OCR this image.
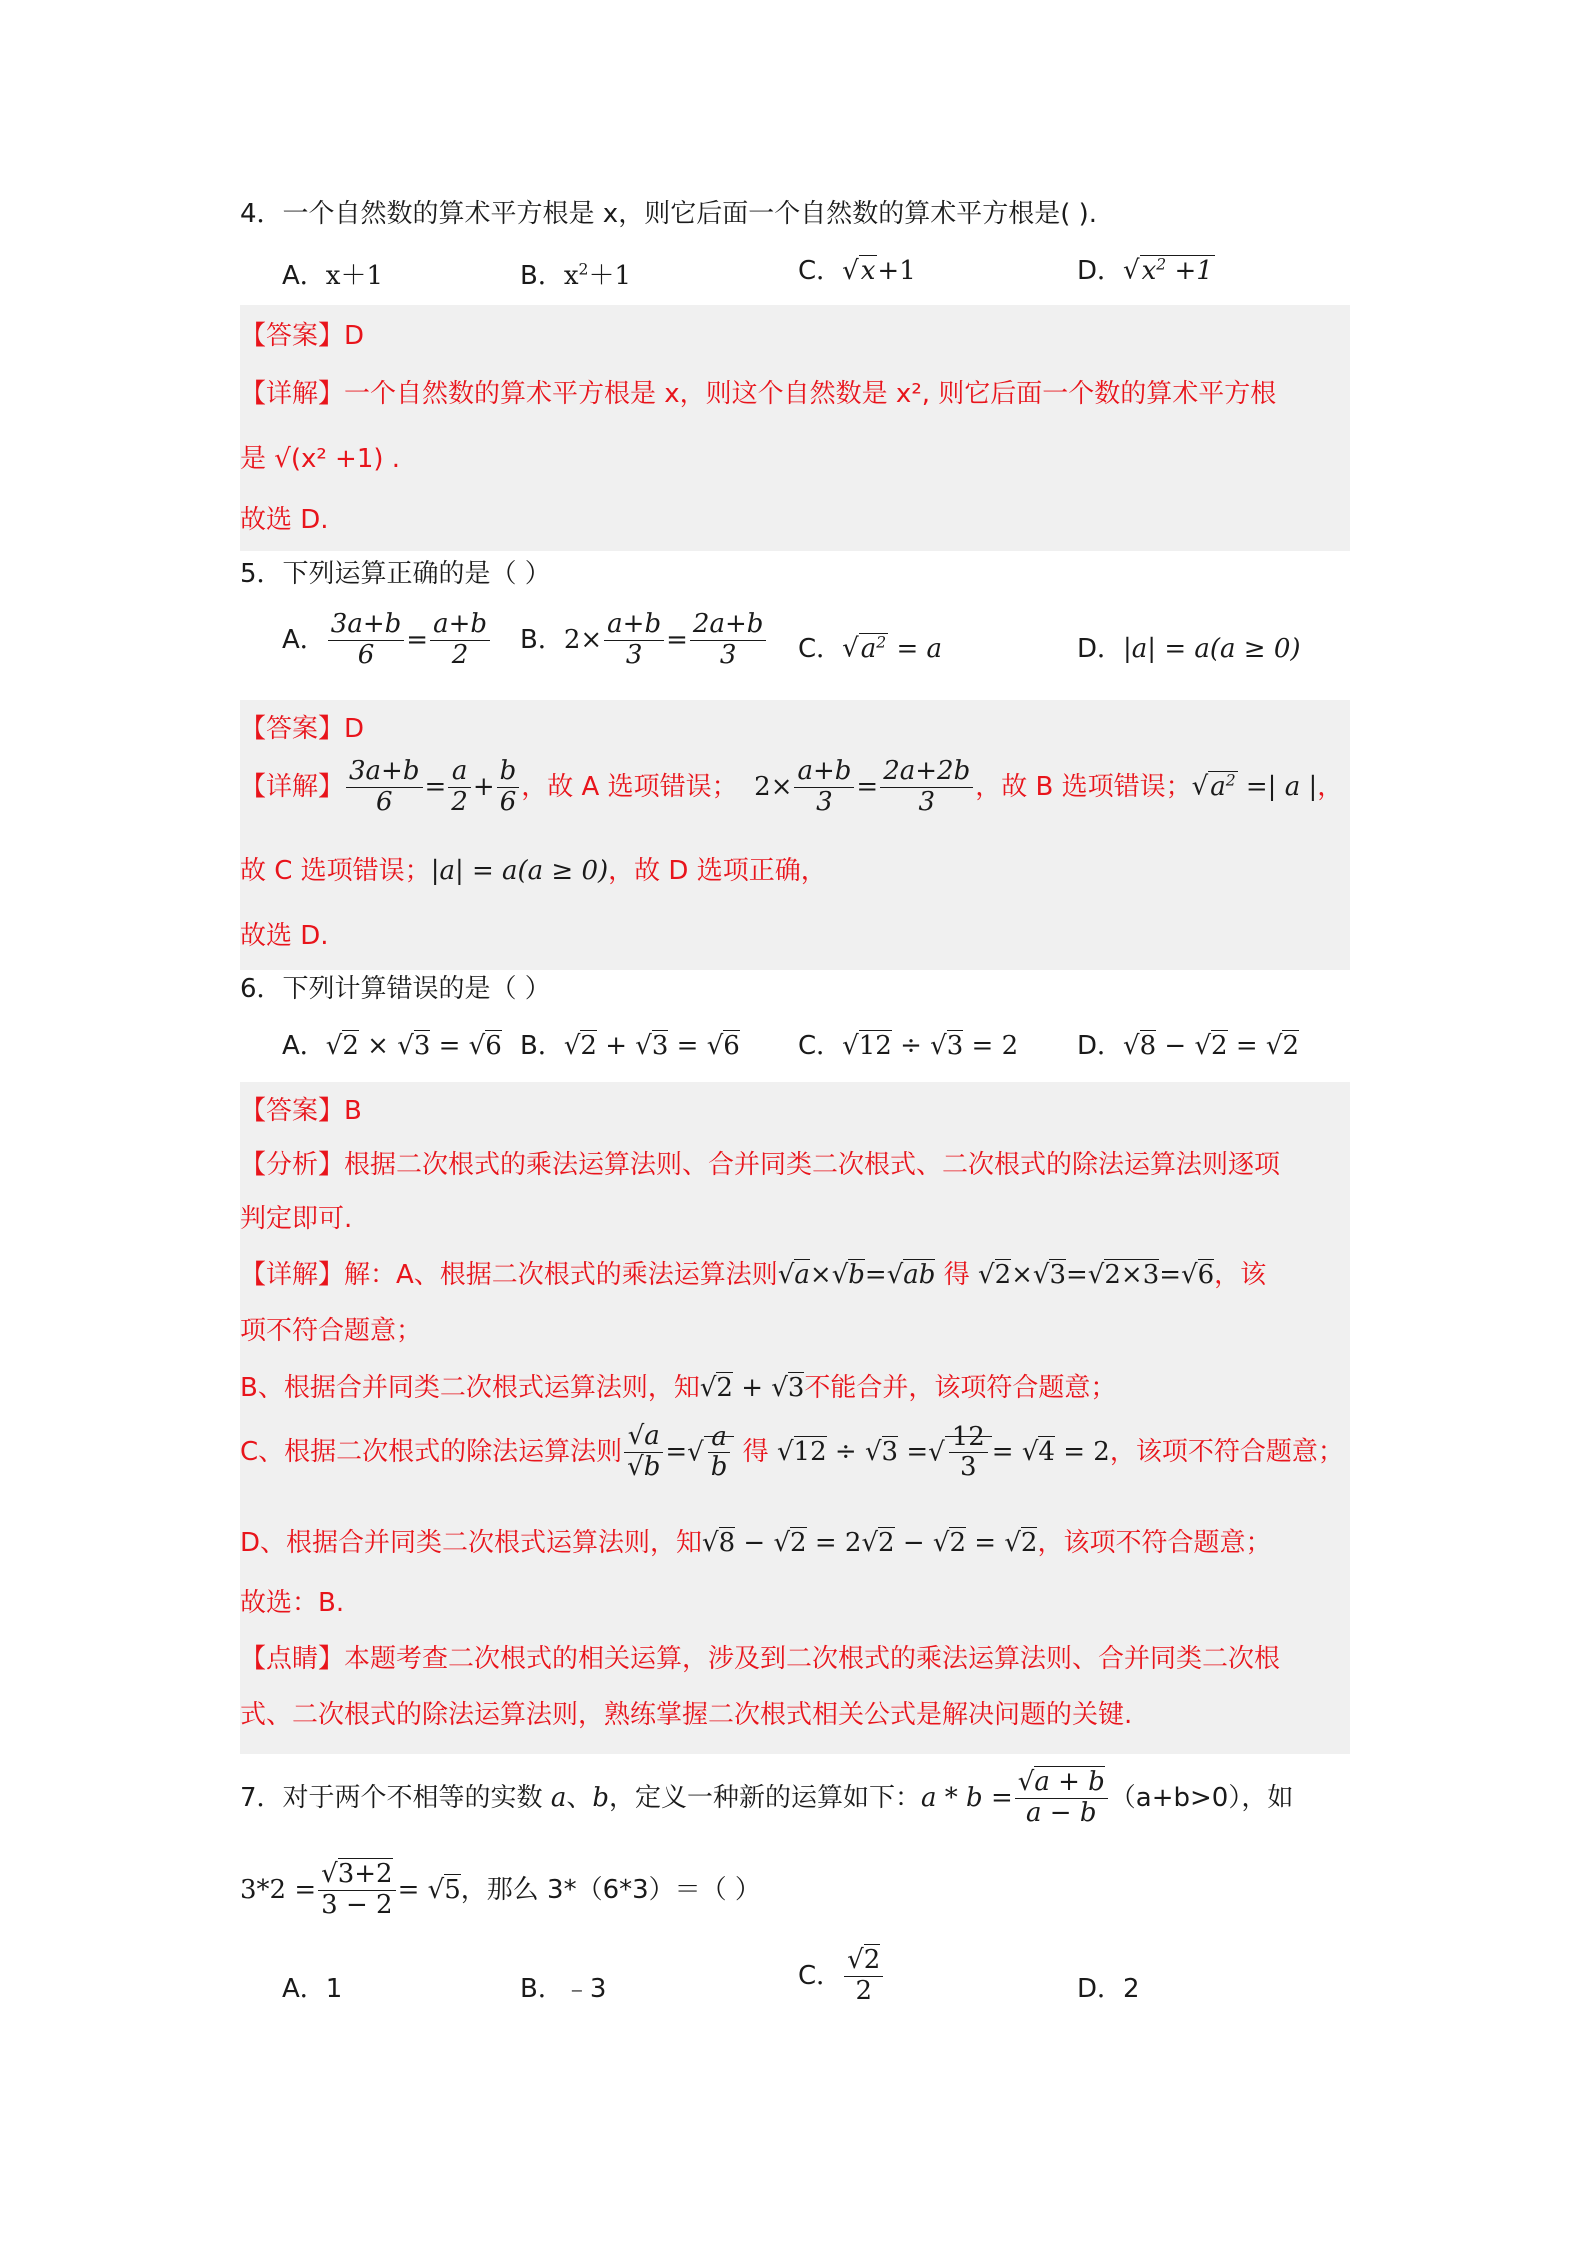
4．一个自然数的算术平方根是 x，则它后面一个自然数的算术平方根是( ).
A．x＋1	B．$x^2+1$	C．√x+1	D．$√x^2 +1$
【答案】D
【详解】一个自然数的算术平方根是 x，则这个自然数是 x², 则它后面一个数的算术平方根
是 √(x² +1) .
故选 D.
5．下列运算正确的是（ ）
A． $\frac{3a+b}{6} = \frac{a+b}{2}$ B．$2\times \frac{a+b}{3} = \frac{2a+b}{3}$ C．$√a^2 = a$	D．|a| = a(a ≥ 0)
【答案】D
【详解】 $\frac{3a+b}{6} = \frac{a}{2} + \frac{b}{6}$ ，故 A 选项错误； $2\times \frac{a+b}{3} = \frac{2a+2b}{3}$ ，故 B 选项错误；$√a^2$ =| a |，
故 C 选项错误；|a| = a(a ≥ 0)，故 D 选项正确，
故选 D.
6．下列计算错误的是（ ）
A．√2 × √3 = √6 B．√2 + √3 = √6 C．√12 ÷ √3 = 2 D．√8 − √2 = √2
【答案】B
【分析】根据二次根式的乘法运算法则、合并同类二次根式、二次根式的除法运算法则逐项
判定即可.
【详解】解：A、根据二次根式的乘法运算法则√a×√b=√ab 得 √2×√3=√2×3=√6，该
项不符合题意；
B、根据合并同类二次根式运算法则，知√2 + √3不能合并，该项符合题意；
C、根据二次根式的除法运算法则 $\frac{√a}{√b}$ =√ $\frac{a}{b}$ 得 √12 ÷ √3 =√ $\frac{12}{3} = √4 = 2$，该项不符合题意；
D、根据合并同类二次根式运算法则，知√8 − √2 = 2√2 − √2 = √2，该项不符合题意；
故选：B.
【点睛】本题考查二次根式的相关运算，涉及到二次根式的乘法运算法则、合并同类二次根
式、二次根式的除法运算法则，熟练掌握二次根式相关公式是解决问题的关键.
7．对于两个不相等的实数 a、b，定义一种新的运算如下：$a * b = \frac{√a + b}{a - b} (a+b>0)$，如
$3*2 = \frac{√3+2}{3 - 2} = √5$，那么 3*（6*3）＝（ ）
A．1	B．﹣3	C． $\frac{√2}{2}$	D．2
